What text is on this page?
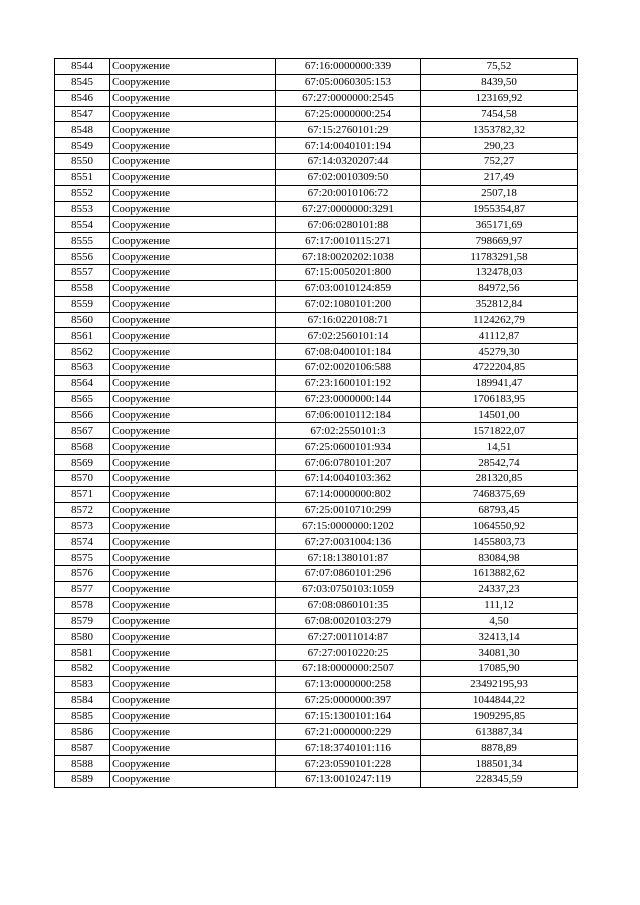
8544	Сооружение	67:16:0000000:339	75,52
8545	Сооружение	67:05:0060305:153	8439,50
8546	Сооружение	67:27:0000000:2545	123169,92
8547	Сооружение	67:25:0000000:254	7454,58
8548	Сооружение	67:15:2760101:29	1353782,32
8549	Сооружение	67:14:0040101:194	290,23
8550	Сооружение	67:14:0320207:44	752,27
8551	Сооружение	67:02:0010309:50	217,49
8552	Сооружение	67:20:0010106:72	2507,18
8553	Сооружение	67:27:0000000:3291	1955354,87
8554	Сооружение	67:06:0280101:88	365171,69
8555	Сооружение	67:17:0010115:271	798669,97
8556	Сооружение	67:18:0020202:1038	11783291,58
8557	Сооружение	67:15:0050201:800	132478,03
8558	Сооружение	67:03:0010124:859	84972,56
8559	Сооружение	67:02:1080101:200	352812,84
8560	Сооружение	67:16:0220108:71	1124262,79
8561	Сооружение	67:02:2560101:14	41112,87
8562	Сооружение	67:08:0400101:184	45279,30
8563	Сооружение	67:02:0020106:588	4722204,85
8564	Сооружение	67:23:1600101:192	189941,47
8565	Сооружение	67:23:0000000:144	1706183,95
8566	Сооружение	67:06:0010112:184	14501,00
8567	Сооружение	67:02:2550101:3	1571822,07
8568	Сооружение	67:25:0600101:934	14,51
8569	Сооружение	67:06:0780101:207	28542,74
8570	Сооружение	67:14:0040103:362	281320,85
8571	Сооружение	67:14:0000000:802	7468375,69
8572	Сооружение	67:25:0010710:299	68793,45
8573	Сооружение	67:15:0000000:1202	1064550,92
8574	Сооружение	67:27:0031004:136	1455803,73
8575	Сооружение	67:18:1380101:87	83084,98
8576	Сооружение	67:07:0860101:296	1613882,62
8577	Сооружение	67:03:0750103:1059	24337,23
8578	Сооружение	67:08:0860101:35	111,12
8579	Сооружение	67:08:0020103:279	4,50
8580	Сооружение	67:27:0011014:87	32413,14
8581	Сооружение	67:27:0010220:25	34081,30
8582	Сооружение	67:18:0000000:2507	17085,90
8583	Сооружение	67:13:0000000:258	23492195,93
8584	Сооружение	67:25:0000000:397	1044844,22
8585	Сооружение	67:15:1300101:164	1909295,85
8586	Сооружение	67:21:0000000:229	613887,34
8587	Сооружение	67:18:3740101:116	8878,89
8588	Сооружение	67:23:0590101:228	188501,34
8589	Сооружение	67:13:0010247:119	228345,59
